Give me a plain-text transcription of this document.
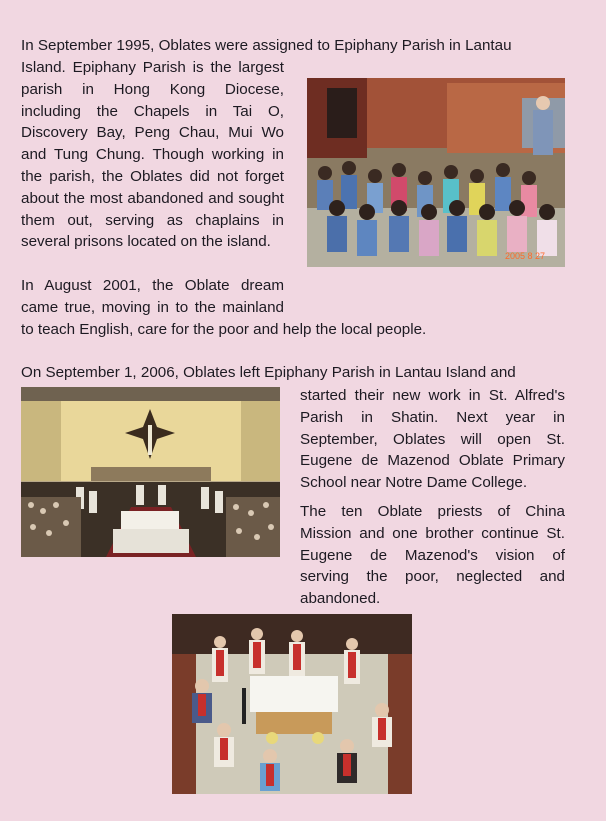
In September 1995, Oblates were assigned to Epiphany Parish in Lantau

Island. Epiphany Parish is the largest
parish in Hong Kong Diocese,
including the Chapels in Tai O,
Discovery Bay, Peng Chau, Mui Wo
and Tung Chung. Though working in
the parish, the Oblates did not forget
about the most abandoned and sought
them out, serving as chaplains in
several prisons located on the island.
2005 8 27
In August 2001, the Oblate dream
came true, moving in to the mainland

to teach English, care for the poor and help the local people.

On September 1, 2006, Oblates left Epiphany Parish in Lantau Island and

started their new work in St. Alfred's
Parish in Shatin. Next year in
September, Oblates will open St.
Eugene de Mazenod Oblate Primary
School near Notre Dame College.
The ten Oblate priests of China
Mission and one brother continue St.
Eugene de Mazenod's vision of
serving the poor, neglected and
abandoned.
